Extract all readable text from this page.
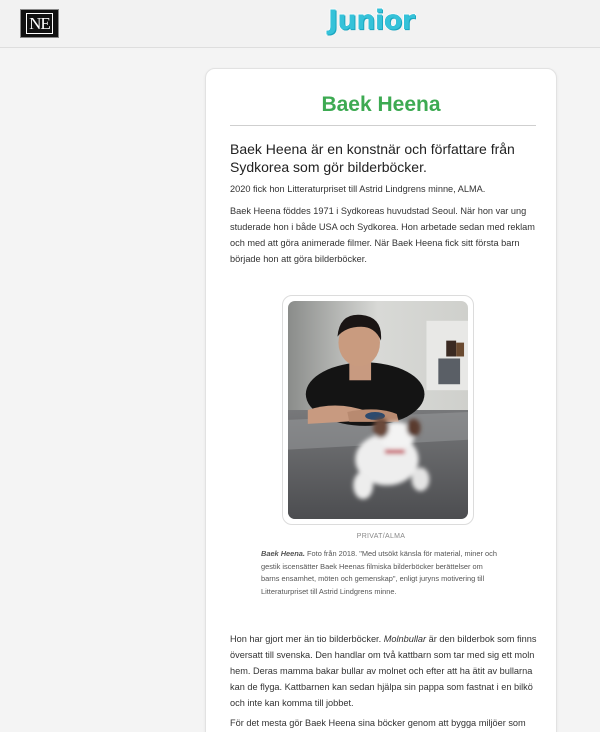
NE	Junior
Baek Heena

Baek Heena är en konstnär och författare från Sydkorea som gör bilderböcker.

2020 fick hon Litteraturpriset till Astrid Lindgrens minne, ALMA.

Baek Heena föddes 1971 i Sydkoreas huvudstad Seoul. När hon var ung studerade hon i både USA och Sydkorea. Hon arbetade sedan med reklam och med att göra animerade filmer. När Baek Heena fick sitt första barn började hon att göra bilderböcker.

PRIVAT/ALMA

Baek Heena. Foto från 2018. "Med utsökt känsla för material, miner och gestik iscensätter Baek Heenas filmiska bilderböcker berättelser om barns ensamhet, möten och gemenskap", enligt juryns motivering till Litteraturpriset till Astrid Lindgrens minne.

Hon har gjort mer än tio bilderböcker. Molnbullar är den bilderbok som finns översatt till svenska. Den handlar om två kattbarn som tar med sig ett moln hem. Deras mamma bakar bullar av molnet och efter att ha ätit av bullarna kan de flyga. Kattbarnen kan sedan hjälpa sin pappa som fastnat i en bilkö och inte kan komma till jobbet.

För det mesta gör Baek Heena sina böcker genom att bygga miljöer som
